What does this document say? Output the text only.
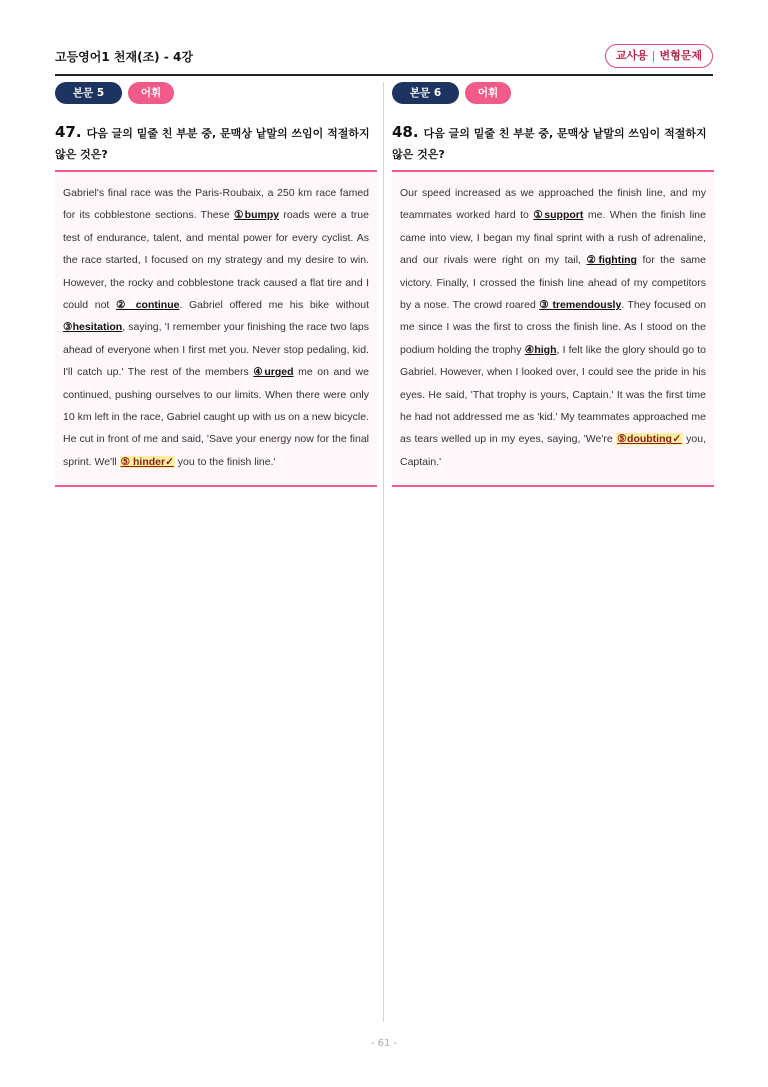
고등영어1 천재(조) - 4강	교사용 | 변형문제
본문 5	어휘
47. 다음 글의 밑줄 친 부분 중, 문맥상 낱말의 쓰임이 적절하지 않은 것은?

Gabriel's final race was the Paris-Roubaix, a 250 km race famed for its cobblestone sections. These ①bumpy roads were a true test of endurance, talent, and mental power for every cyclist. As the race started, I focused on my strategy and my desire to win. However, the rocky and cobblestone track caused a flat tire and I could not ② continue. Gabriel offered me his bike without ③hesitation, saying, 'I remember your finishing the race two laps ahead of everyone when I first met you. Never stop pedaling, kid. I'll catch up.' The rest of the members ④urged me on and we continued, pushing ourselves to our limits. When there were only 10 km left in the race, Gabriel caught up with us on a new bicycle. He cut in front of me and said, 'Save your energy now for the final sprint. We'll ⑤ hinder✓ you to the finish line.'

본문 6	어휘
48. 다음 글의 밑줄 친 부분 중, 문맥상 낱말의 쓰임이 적절하지 않은 것은?

Our speed increased as we approached the finish line, and my teammates worked hard to ①support me. When the finish line came into view, I began my final sprint with a rush of adrenaline, and our rivals were right on my tail, ②fighting for the same victory. Finally, I crossed the finish line ahead of my competitors by a nose. The crowd roared ③ tremendously. They focused on me since I was the first to cross the finish line. As I stood on the podium holding the trophy ④high, I felt like the glory should go to Gabriel. However, when I looked over, I could see the pride in his eyes. He said, 'That trophy is yours, Captain.' It was the first time he had not addressed me as 'kid.' My teammates approached me as tears welled up in my eyes, saying, 'We're ⑤doubting✓ you, Captain.'

- 61 -
